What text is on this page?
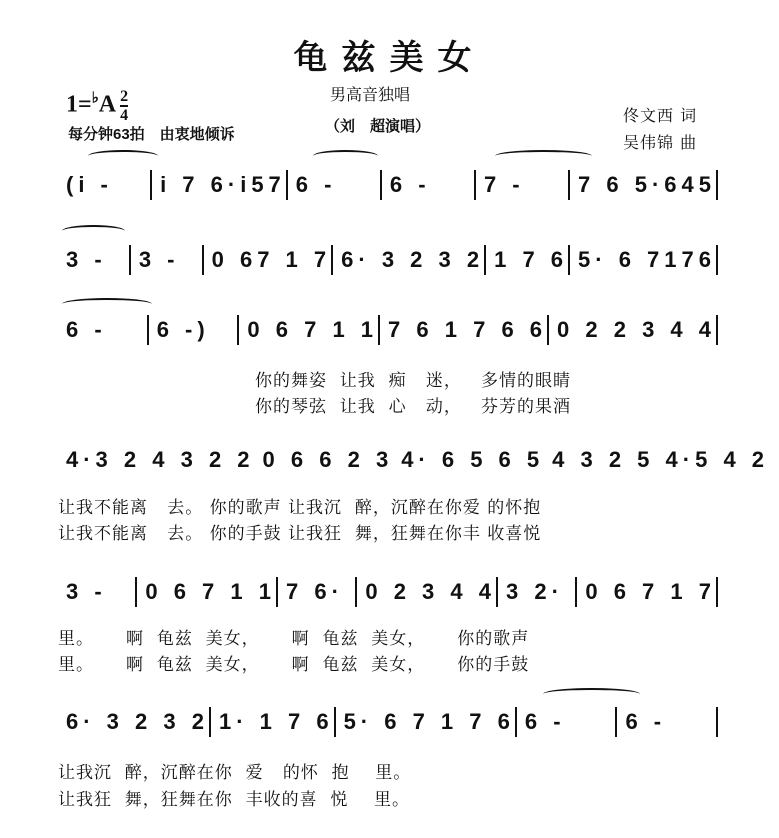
龟兹美女
$1=^♭A \frac{2}{4}$
每分钟63拍　由衷地倾诉
男高音独唱
（刘　超演唱）
佟文西 词
吴伟锦 曲
(i -	i 7 6·i57 6 -	6 -	7 -	7 6 5·645
3 -	3 -	0 67 1 7 6· 3 2 3 2 1 7 6 5· 6 7176
6 -	6 -)	0 6 7 1 1 7 6 1 7 6 6 0 2 2 3 4 4
4·3 2 4 3 2 2 0 6 6 2 3 4· 6 5 6 5 4 3 2 5 4·5 4 2
3 -	0 6 7 1 1 7 6· 0 2 3 4 4 3 2· 0 6 7 1 7
6· 3 2 3 2 1· 1 7 6 5· 6 7 1 7 6 6 -	6 -
你的舞姿  让我  痴   迷，   多情的眼睛
你的琴弦  让我  心   动，   芬芳的果酒
让我不能离   去。 你的歌声 让我沉  醉，沉醉在你爱 的怀抱
让我不能离   去。 你的手鼓 让我狂  舞，狂舞在你丰 收喜悦
里。     啊  龟兹  美女，     啊  龟兹  美女，     你的歌声
里。     啊  龟兹  美女，     啊  龟兹  美女，     你的手鼓
让我沉  醉，沉醉在你  爱   的怀  抱    里。
让我狂  舞，狂舞在你  丰收的喜  悦    里。
